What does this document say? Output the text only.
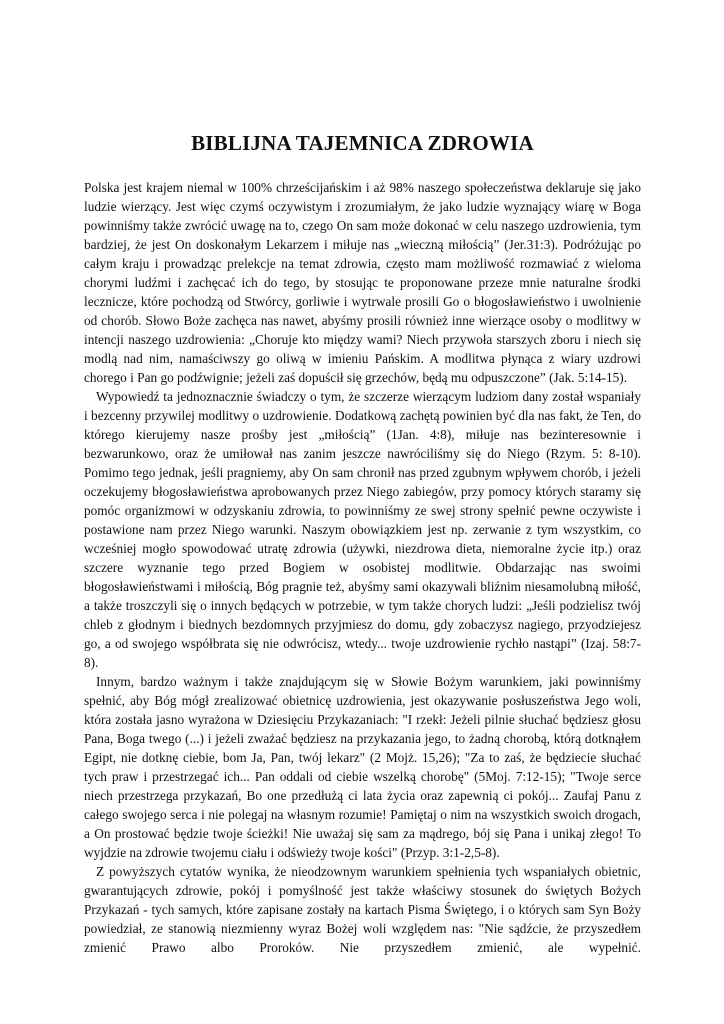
BIBLIJNA TAJEMNICA ZDROWIA

Polska jest krajem niemal w 100% chrześcijańskim i aż 98% naszego społeczeństwa deklaruje się jako ludzie wierzący. Jest więc czymś oczywistym i zrozumiałym, że jako ludzie wyznający wiarę w Boga powinniśmy także zwrócić uwagę na to, czego On sam może dokonać w celu naszego uzdrowienia, tym bardziej, że jest On doskonałym Lekarzem i miłuje nas „wieczną miłością” (Jer.31:3). Podróżując po całym kraju i prowadząc prelekcje na temat zdrowia, często mam możliwość rozmawiać z wieloma chorymi ludźmi i zachęcać ich do tego, by stosując te proponowane przeze mnie naturalne środki lecznicze, które pochodzą od Stwórcy, gorliwie i wytrwale prosili Go o błogosławieństwo i uwolnienie od chorób. Słowo Boże zachęca nas nawet, abyśmy prosili również inne wierzące osoby o modlitwy w intencji naszego uzdrowienia: „Choruje kto między wami? Niech przywoła starszych zboru i niech się modlą nad nim, namaściwszy go oliwą w imieniu Pańskim. A modlitwa płynąca z wiary uzdrowi chorego i Pan go podźwignie; jeżeli zaś dopuścił się grzechów, będą mu odpuszczone” (Jak. 5:14-15).

Wypowiedź ta jednoznacznie świadczy o tym, że szczerze wierzącym ludziom dany został wspaniały i bezcenny przywilej modlitwy o uzdrowienie. Dodatkową zachętą powinien być dla nas fakt, że Ten, do którego kierujemy nasze prośby jest „miłością” (1Jan. 4:8), miłuje nas bezinteresownie i bezwarunkowo, oraz że umiłował nas zanim jeszcze nawróciliśmy się do Niego (Rzym. 5: 8-10). Pomimo tego jednak, jeśli pragniemy, aby On sam chronił nas przed zgubnym wpływem chorób, i jeżeli oczekujemy błogosławieństwa aprobowanych przez Niego zabiegów, przy pomocy których staramy się pomóc organizmowi w odzyskaniu zdrowia, to powinniśmy ze swej strony spełnić pewne oczywiste i postawione nam przez Niego warunki. Naszym obowiązkiem jest np. zerwanie z tym wszystkim, co wcześniej mogło spowodować utratę zdrowia (używki, niezdrowa dieta, niemoralne życie itp.) oraz szczere wyznanie tego przed Bogiem w osobistej modlitwie. Obdarzając nas swoimi błogosławieństwami i miłością, Bóg pragnie też, abyśmy sami okazywali bliźnim niesamolubną miłość, a także troszczyli się o innych będących w potrzebie, w tym także chorych ludzi: „Jeśli podzielisz twój chleb z głodnym i biednych bezdomnych przyjmiesz do domu, gdy zobaczysz nagiego, przyodziejesz go, a od swojego współbrata się nie odwrócisz, wtedy... twoje uzdrowienie rychło nastąpi” (Izaj. 58:7-8).

Innym, bardzo ważnym i także znajdującym się w Słowie Bożym warunkiem, jaki powinniśmy spełnić, aby Bóg mógł zrealizować obietnicę uzdrowienia, jest okazywanie posłuszeństwa Jego woli, która została jasno wyrażona w Dziesięciu Przykazaniach: "I rzekł: Jeżeli pilnie słuchać będziesz głosu Pana, Boga twego (...) i jeżeli zważać będziesz na przykazania jego, to żadną chorobą, którą dotknąłem Egipt, nie dotknę ciebie, bom Ja, Pan, twój lekarz" (2 Mojż. 15,26); "Za to zaś, że będziecie słuchać tych praw i przestrzegać ich... Pan oddali od ciebie wszelką chorobę" (5Moj. 7:12-15); "Twoje serce niech przestrzega przykazań, Bo one przedłużą ci lata życia oraz zapewnią ci pokój... Zaufaj Panu z całego swojego serca i nie polegaj na własnym rozumie! Pamiętaj o nim na wszystkich swoich drogach, a On prostować będzie twoje ścieżki! Nie uważaj się sam za mądrego, bój się Pana i unikaj złego! To wyjdzie na zdrowie twojemu ciału i odświeży twoje kości" (Przyp. 3:1-2,5-8).

Z powyższych cytatów wynika, że nieodzownym warunkiem spełnienia tych wspaniałych obietnic, gwarantujących zdrowie, pokój i pomyślność jest także właściwy stosunek do świętych Bożych Przykazań - tych samych, które zapisane zostały na kartach Pisma Świętego, i o których sam Syn Boży powiedział, ze stanowią niezmienny wyraz Bożej woli względem nas: "Nie sądźcie, że przyszedłem zmienić Prawo albo Proroków. Nie przyszedłem zmienić, ale wypełnić.
